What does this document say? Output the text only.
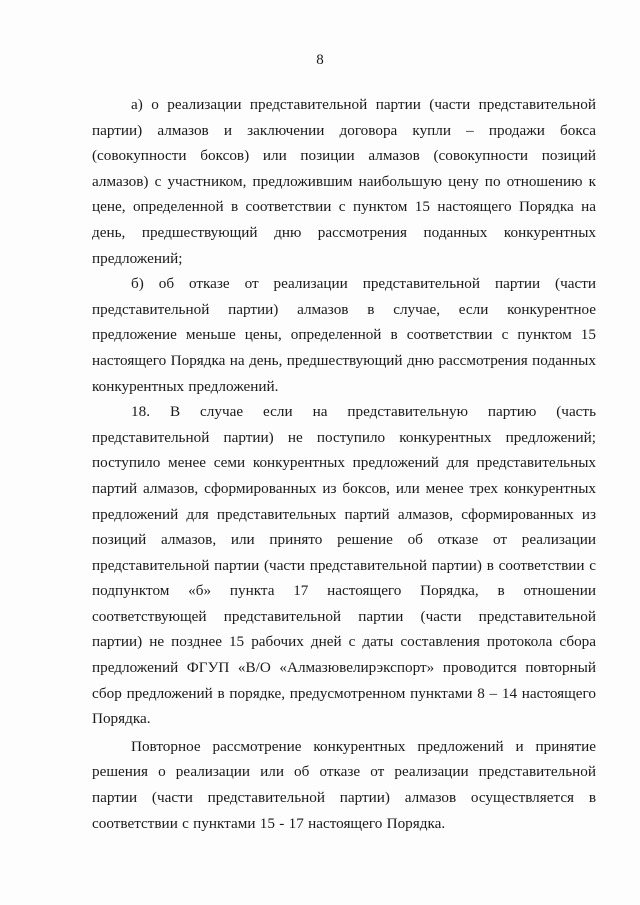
8

а) о реализации представительной партии (части представительной партии) алмазов и заключении договора купли – продажи бокса (совокупности боксов) или позиции алмазов (совокупности позиций алмазов) с участником, предложившим наибольшую цену по отношению к цене, определенной в соответствии с пунктом 15 настоящего Порядка на день, предшествующий дню рассмотрения поданных конкурентных предложений;

б) об отказе от реализации представительной партии (части представительной партии) алмазов в случае, если конкурентное предложение меньше цены, определенной в соответствии с пунктом 15 настоящего Порядка на день, предшествующий дню рассмотрения поданных конкурентных предложений.

18. В случае если на представительную партию (часть представительной партии) не поступило конкурентных предложений; поступило менее семи конкурентных предложений для представительных партий алмазов, сформированных из боксов, или менее трех конкурентных предложений для представительных партий алмазов, сформированных из позиций алмазов, или принято решение об отказе от реализации представительной партии (части представительной партии) в соответствии с подпунктом «б» пункта 17 настоящего Порядка, в отношении соответствующей представительной партии (части представительной партии) не позднее 15 рабочих дней с даты составления протокола сбора предложений ФГУП «В/О «Алмазювелирэкспорт» проводится повторный сбор предложений в порядке, предусмотренном пунктами 8 – 14 настоящего Порядка.

Повторное рассмотрение конкурентных предложений и принятие решения о реализации или об отказе от реализации представительной партии (части представительной партии) алмазов осуществляется в соответствии с пунктами 15 - 17 настоящего Порядка.
